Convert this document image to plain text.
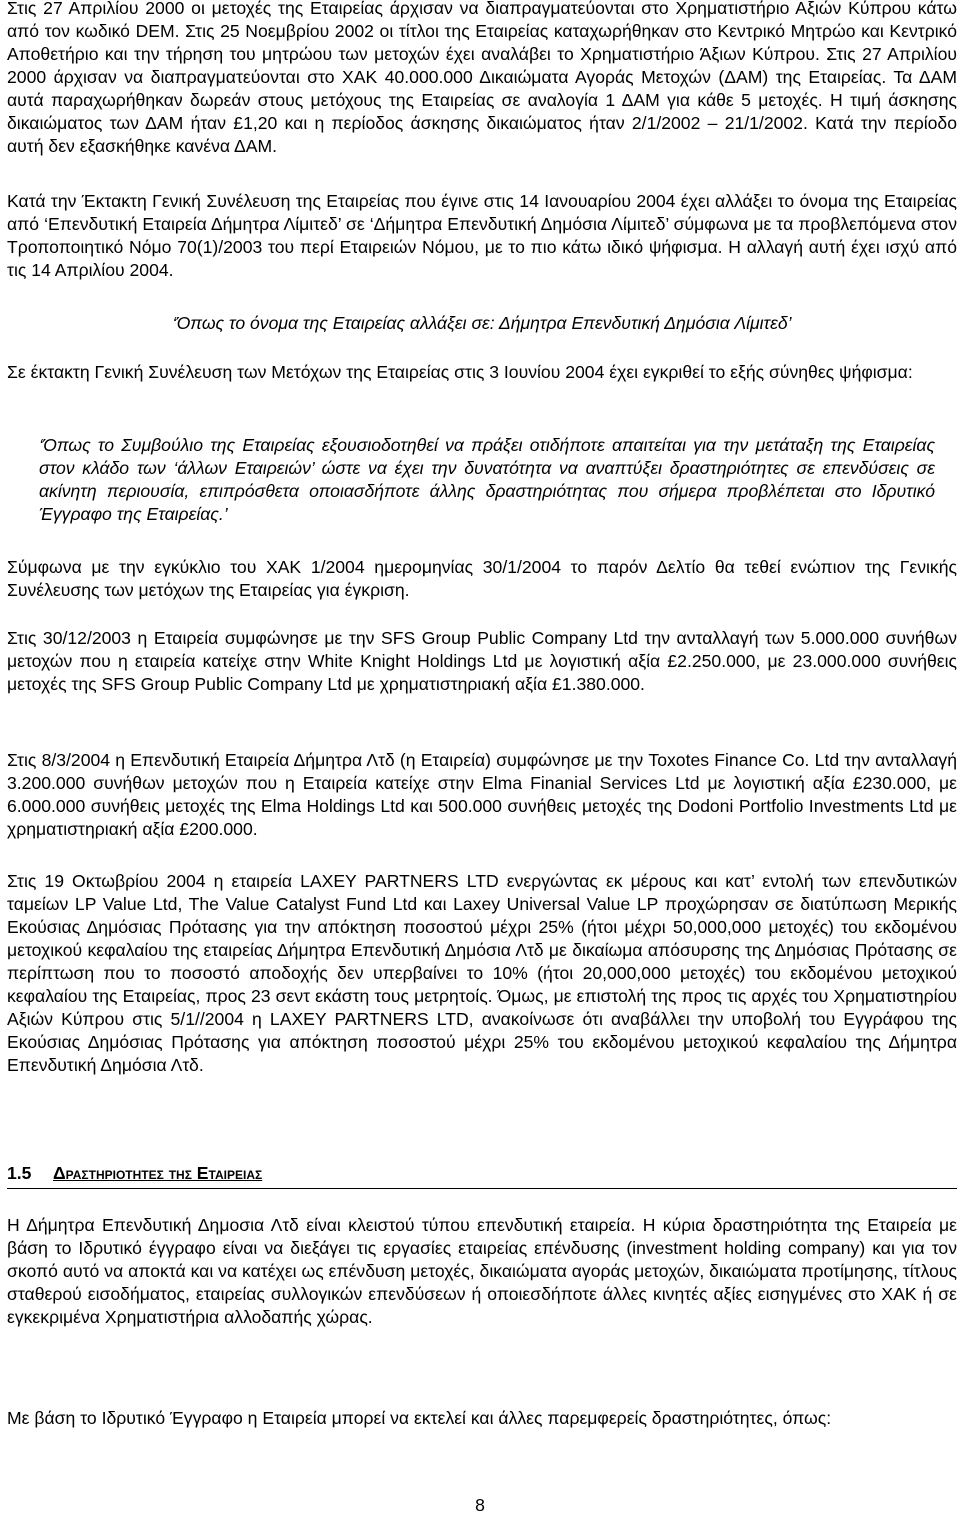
Στις 27 Απριλίου 2000 οι μετοχές της Εταιρείας άρχισαν να διαπραγματεύονται στο Χρηματιστήριο Αξιών Κύπρου κάτω από τον κωδικό DEM. Στις 25 Νοεμβρίου 2002 οι τίτλοι της Εταιρείας καταχωρήθηκαν στο Κεντρικό Μητρώο και Κεντρικό Αποθετήριο και την τήρηση του μητρώου των μετοχών έχει αναλάβει το Χρηματιστήριο Άξιων Κύπρου. Στις 27 Απριλίου 2000 άρχισαν να διαπραγματεύονται στο ΧΑΚ 40.000.000 Δικαιώματα Αγοράς Μετοχών (ΔΑΜ) της Εταιρείας. Τα ΔΑΜ αυτά παραχωρήθηκαν δωρεάν στους μετόχους της Εταιρείας σε αναλογία 1 ΔΑΜ για κάθε 5 μετοχές. Η τιμή άσκησης δικαιώματος των ΔΑΜ ήταν £1,20 και η περίοδος άσκησης δικαιώματος ήταν 2/1/2002 – 21/1/2002. Κατά την περίοδο αυτή δεν εξασκήθηκε κανένα ΔΑΜ.

Κατά την Έκτακτη Γενική Συνέλευση της Εταιρείας που έγινε στις 14 Ιανουαρίου 2004 έχει αλλάξει το όνομα της Εταιρείας από ‘Επενδυτική Εταιρεία Δήμητρα Λίμιτεδ’ σε ‘Δήμητρα Επενδυτική Δημόσια Λίμιτεδ’ σύμφωνα με τα προβλεπόμενα στον Τροποποιητικό Νόμο 70(1)/2003 του περί Εταιρειών Νόμου, με το πιο κάτω ιδικό ψήφισμα. Η αλλαγή αυτή έχει ισχύ από τις 14 Απριλίου 2004.

‘Όπως το όνομα της Εταιρείας αλλάξει σε: Δήμητρα Επενδυτική Δημόσια Λίμιτεδ’

Σε έκτακτη Γενική Συνέλευση των Μετόχων της Εταιρείας στις 3 Ιουνίου 2004 έχει εγκριθεί το εξής σύνηθες ψήφισμα:

‘Όπως το Συμβούλιο της Εταιρείας εξουσιοδοτηθεί να πράξει οτιδήποτε απαιτείται για την μετάταξη της Εταιρείας στον κλάδο των ‘άλλων Εταιρειών’ ώστε να έχει την δυνατότητα να αναπτύξει δραστηριότητες σε επενδύσεις σε ακίνητη περιουσία, επιπρόσθετα οποιασδήποτε άλλης δραστηριότητας που σήμερα προβλέπεται στο Ιδρυτικό Έγγραφο της Εταιρείας.’

Σύμφωνα με την εγκύκλιο του ΧΑΚ 1/2004 ημερομηνίας 30/1/2004 το παρόν Δελτίο θα τεθεί ενώπιον της Γενικής Συνέλευσης των μετόχων της Εταιρείας για έγκριση.

Στις 30/12/2003 η Εταιρεία συμφώνησε με την SFS Group Public Company Ltd την ανταλλαγή των 5.000.000 συνήθων μετοχών που η εταιρεία κατείχε στην White Knight Holdings Ltd με λογιστική αξία £2.250.000, με 23.000.000 συνήθεις μετοχές της SFS Group Public Company Ltd με χρηματιστηριακή αξία £1.380.000.

Στις 8/3/2004 η Επενδυτική Εταιρεία Δήμητρα Λτδ (η Εταιρεία) συμφώνησε με την Toxotes Finance Co. Ltd την ανταλλαγή 3.200.000 συνήθων μετοχών που η Εταιρεία κατείχε στην Elma Finanial Services Ltd με λογιστική αξία £230.000, με 6.000.000 συνήθεις μετοχές της Elma Holdings Ltd και 500.000 συνήθεις μετοχές της Dodoni Portfolio Investments Ltd με χρηματιστηριακή αξία £200.000.

Στις 19 Οκτωβρίου 2004 η εταιρεία LAXEY PARTNERS LTD ενεργώντας εκ μέρους και κατ’ εντολή των επενδυτικών ταμείων LP Value Ltd, The Value Catalyst Fund Ltd και Laxey Universal Value LP προχώρησαν σε διατύπωση Μερικής Εκούσιας Δημόσιας Πρότασης για την απόκτηση ποσοστού μέχρι 25% (ήτοι μέχρι 50,000,000 μετοχές) του εκδομένου μετοχικού κεφαλαίου της εταιρείας Δήμητρα Επενδυτική Δημόσια Λτδ με δικαίωμα απόσυρσης της Δημόσιας Πρότασης σε περίπτωση που το ποσοστό αποδοχής δεν υπερβαίνει το 10% (ήτοι 20,000,000 μετοχές) του εκδομένου μετοχικού κεφαλαίου της Εταιρείας, προς 23 σεντ εκάστη τους μετρητοίς. Όμως, με επιστολή της προς τις αρχές του Χρηματιστηρίου Αξιών Κύπρου στις 5/1//2004 η LAXEY PARTNERS LTD, ανακοίνωσε ότι αναβάλλει την υποβολή του Εγγράφου της Εκούσιας Δημόσιας Πρότασης για απόκτηση ποσοστού μέχρι 25% του εκδομένου μετοχικού κεφαλαίου της Δήμητρα Επενδυτική Δημόσια Λτδ.

1.5	Δραστηριοτητες της Εταιρειας

Η Δήμητρα Επενδυτική Δημοσια Λτδ είναι κλειστού τύπου επενδυτική εταιρεία. Η κύρια δραστηριότητα της Εταιρεία με βάση το Ιδρυτικό έγγραφο είναι να διεξάγει τις εργασίες εταιρείας επένδυσης (investment holding company) και για τον σκοπό αυτό να αποκτά και να κατέχει ως επένδυση μετοχές, δικαιώματα αγοράς μετοχών, δικαιώματα προτίμησης, τίτλους σταθερού εισοδήματος, εταιρείας συλλογικών επενδύσεων ή οποιεσδήποτε άλλες κινητές αξίες εισηγμένες στο ΧΑΚ ή σε εγκεκριμένα Χρηματιστήρια αλλοδαπής χώρας.

Με βάση το Ιδρυτικό Έγγραφο η Εταιρεία μπορεί να εκτελεί και άλλες παρεμφερείς δραστηριότητες, όπως:

8
